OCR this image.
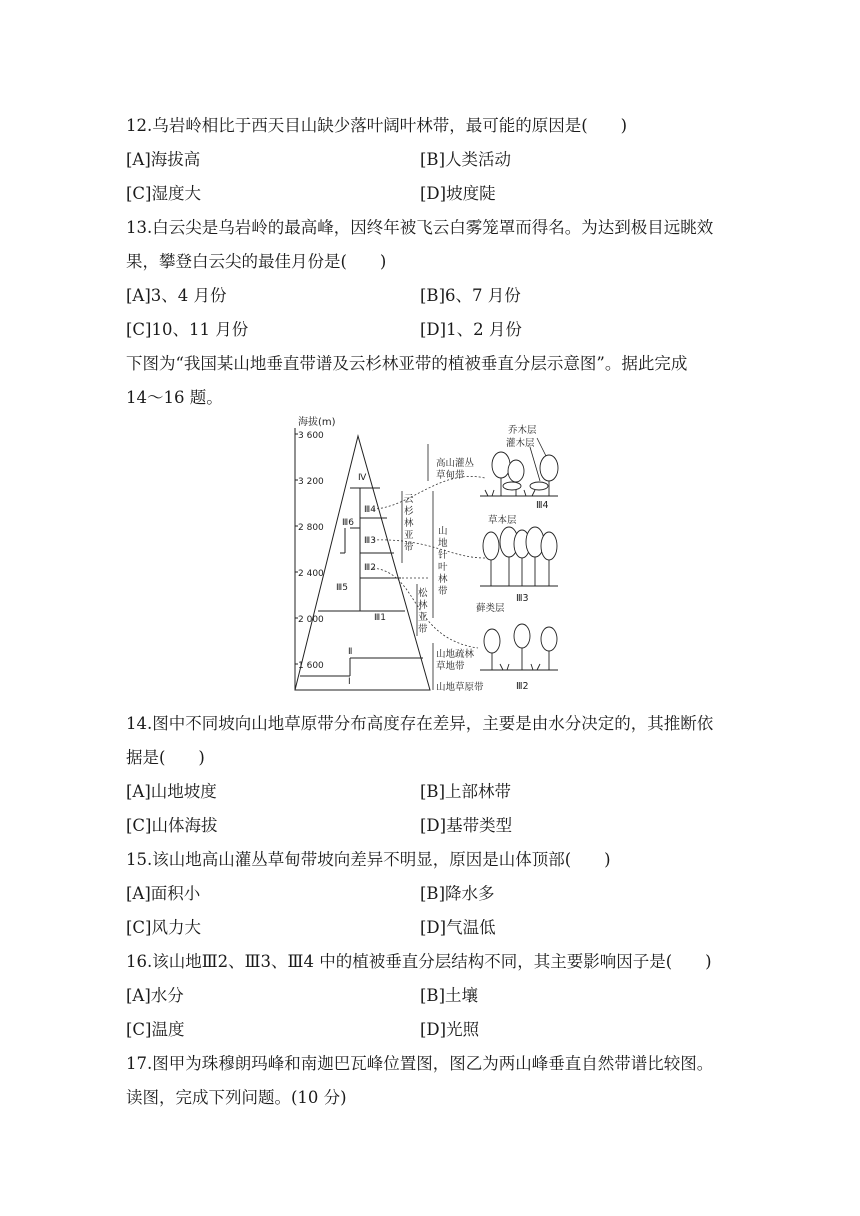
12.乌岩岭相比于西天目山缺少落叶阔叶林带，最可能的原因是(　　)
[A]海拔高	[B]人类活动
[C]湿度大	[D]坡度陡
13.白云尖是乌岩岭的最高峰，因终年被飞云白雾笼罩而得名。为达到极目远眺效
果，攀登白云尖的最佳月份是(　　)
[A]3、4 月份	[B]6、7 月份
[C]10、11 月份	[D]1、2 月份
下图为“我国某山地垂直带谱及云杉林亚带的植被垂直分层示意图”。据此完成
14～16 题。
海拔(m)
3 600
3 200
2 800
2 400
2 000
1 600
Ⅳ
Ⅲ6
Ⅲ4
Ⅲ3
Ⅲ2
Ⅲ5
Ⅲ1
Ⅱ
Ⅰ
高山灌丛
草甸带
云
杉
林
亚
带
山
地
针
叶
林
带
松
林
亚
带
山地疏林
草地带
山地草原带
乔木层
灌木层
草本层
Ⅲ4
藓类层
Ⅲ3
Ⅲ2
14.图中不同坡向山地草原带分布高度存在差异，主要是由水分决定的，其推断依
据是(　　)
[A]山地坡度	[B]上部林带
[C]山体海拔	[D]基带类型
15.该山地高山灌丛草甸带坡向差异不明显，原因是山体顶部(　　)
[A]面积小	[B]降水多
[C]风力大	[D]气温低
16.该山地Ⅲ2、Ⅲ3、Ⅲ4 中的植被垂直分层结构不同，其主要影响因子是(　　)
[A]水分	[B]土壤
[C]温度	[D]光照
17.图甲为珠穆朗玛峰和南迦巴瓦峰位置图，图乙为两山峰垂直自然带谱比较图。
读图，完成下列问题。(10 分)
